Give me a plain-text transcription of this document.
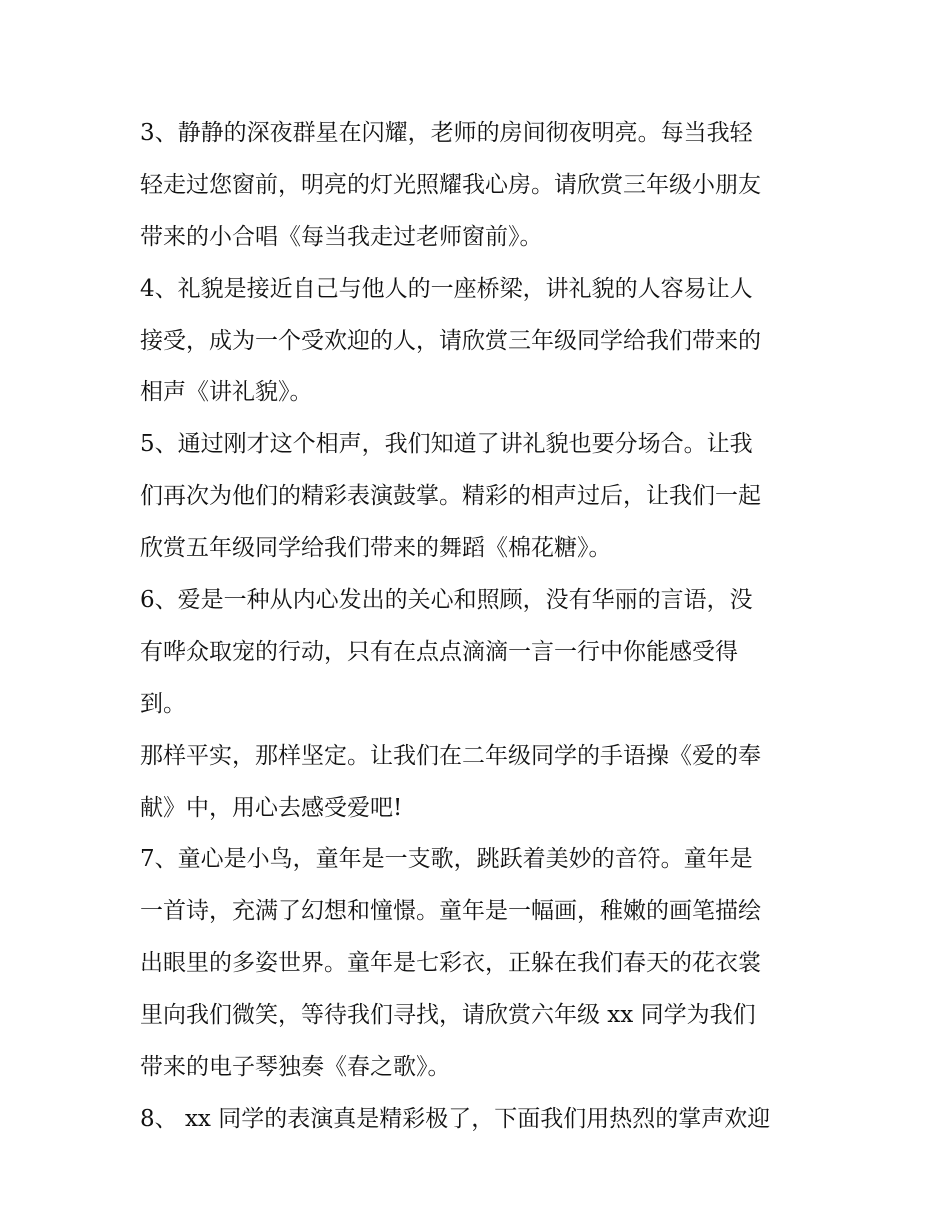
3、静静的深夜群星在闪耀，老师的房间彻夜明亮。每当我轻
轻走过您窗前，明亮的灯光照耀我心房。请欣赏三年级小朋友
带来的小合唱《每当我走过老师窗前》。
4、礼貌是接近自己与他人的一座桥梁，讲礼貌的人容易让人
接受，成为一个受欢迎的人，请欣赏三年级同学给我们带来的
相声《讲礼貌》。
5、通过刚才这个相声，我们知道了讲礼貌也要分场合。让我
们再次为他们的精彩表演鼓掌。精彩的相声过后，让我们一起
欣赏五年级同学给我们带来的舞蹈《棉花糖》。
6、爱是一种从内心发出的关心和照顾，没有华丽的言语，没
有哗众取宠的行动，只有在点点滴滴一言一行中你能感受得
到。
那样平实，那样坚定。让我们在二年级同学的手语操《爱的奉
献》中，用心去感受爱吧!
7、童心是小鸟，童年是一支歌，跳跃着美妙的音符。童年是
一首诗，充满了幻想和憧憬。童年是一幅画，稚嫩的画笔描绘
出眼里的多姿世界。童年是七彩衣，正躲在我们春天的花衣裳
里向我们微笑，等待我们寻找，请欣赏六年级 xx 同学为我们
带来的电子琴独奏《春之歌》。
8、 xx 同学的表演真是精彩极了，下面我们用热烈的掌声欢迎
